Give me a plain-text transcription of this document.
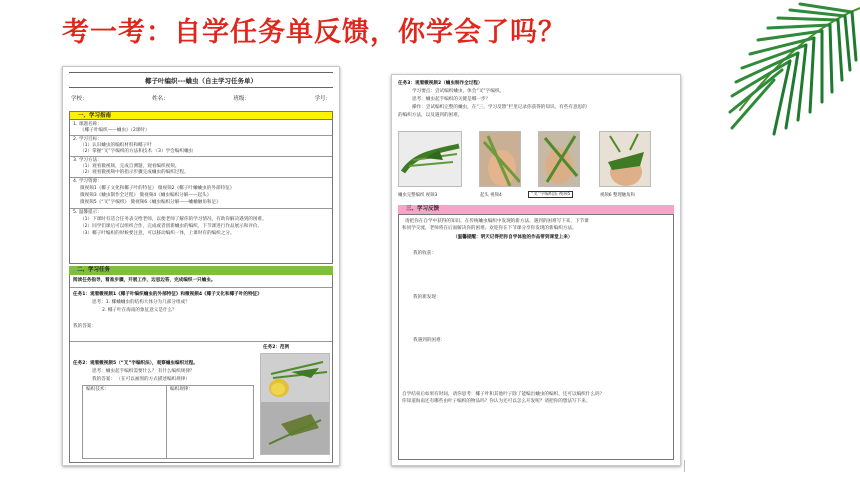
考一考：自学任务单反馈，你学会了吗？
椰子叶编织---蛐虫（自主学习任务单）
学校：	姓名：	班级：	学号：
一、学习指南
1. 课题名称：
《椰子叶编织——蛐虫》（2课时）
2. 学习目标：
（1）认识蛐虫的编织材料和椰子叶
（2）掌握“叉”字编织的方法和技术 （3）学会编织蛐虫
3. 学习方法：
（1）观看微视频，完成自测题，观看编织视频。
（2）观看微视频中的指示步骤完成蛐虫的编织过程。
4. 学习资源：
微视频1《椰子文化和椰子叶的特征》 微视频2《椰子叶蛐蛐虫的外部特征》
微视频3《蛐虫制作全过程》 微视频4《蛐虫编织分解——起头》
微视频5《“叉”字编织》 微视频6《蛐虫编织分解——蛐蛐触角和足》
5. 温馨提示：
（1）下课时有适合任务表交给老师，以便老师了解你的学习情况，有助你解决遇到的困难。
（2）同学们课后可以组织合作，完成或者创新蛐虫的编织，下节课进行作品展示和评价。
（3）椰子叶编织的时候要注意，可以移动编织一体，上课时有的编织之分。
二、学习任务
阅读任务指导，看准步骤，开展工作，边思边答，完成编织一只蛐虫。
任务1：观看微视频1《椰子叶编织蛐虫的外部特征》和微视频4《椰子文化和椰子叶的特征》
思考：1. 椰蛐蛐虫的结构大体分为几部分组成？
2. 椰子叶在海南的象征意义是什么？
我的答案：
任务2：范例
任务2：观看微视频5（“叉”字编织法），观察蛐虫编织过程。
思考：蛐虫起手编织需要什么？ 有什么编织规律？
我的答案： （在可以画图的方式描述编织规律）
编织技术：	编织规律：
任务3：观看微视频2（蛐虫制作全过程）
学习要点：尝试编织蛐虫，体会“叉”字编织。
思考：蛐虫起手编织的关键是哪一步？
操作：尝试编织完整的蛐虫，在“三、学习反馈”栏里记录你获得的知识、有些有意思的
的编织方法，以及遇到的困难。
蛐虫完整编织 视频3	起头 视频4	“叉”字编织法 视频5	视频6 整理触角和
三、学习反馈
请把你在自学中获得的知识、在传统蛐虫编织中发现的新方法、遇到的困难写下来，下节课
和同学交流，老师将在后面解决你的困难。欢迎你在下节课分享你发现的新编织方法。
（温馨提醒：明天记得把你自学体验的作品带到课堂上来）
我的收获：
我的新发现：
我遇到的困难：
自学结束后如果有时间，请你思考：椰子叶和其他叶子除了能编出蛐虫的编织，还可以编织什么吗？
你知道海南还有哪些由叶子编织的物品吗？你认为还可以怎么开发呢？请把你的想法写下来。
